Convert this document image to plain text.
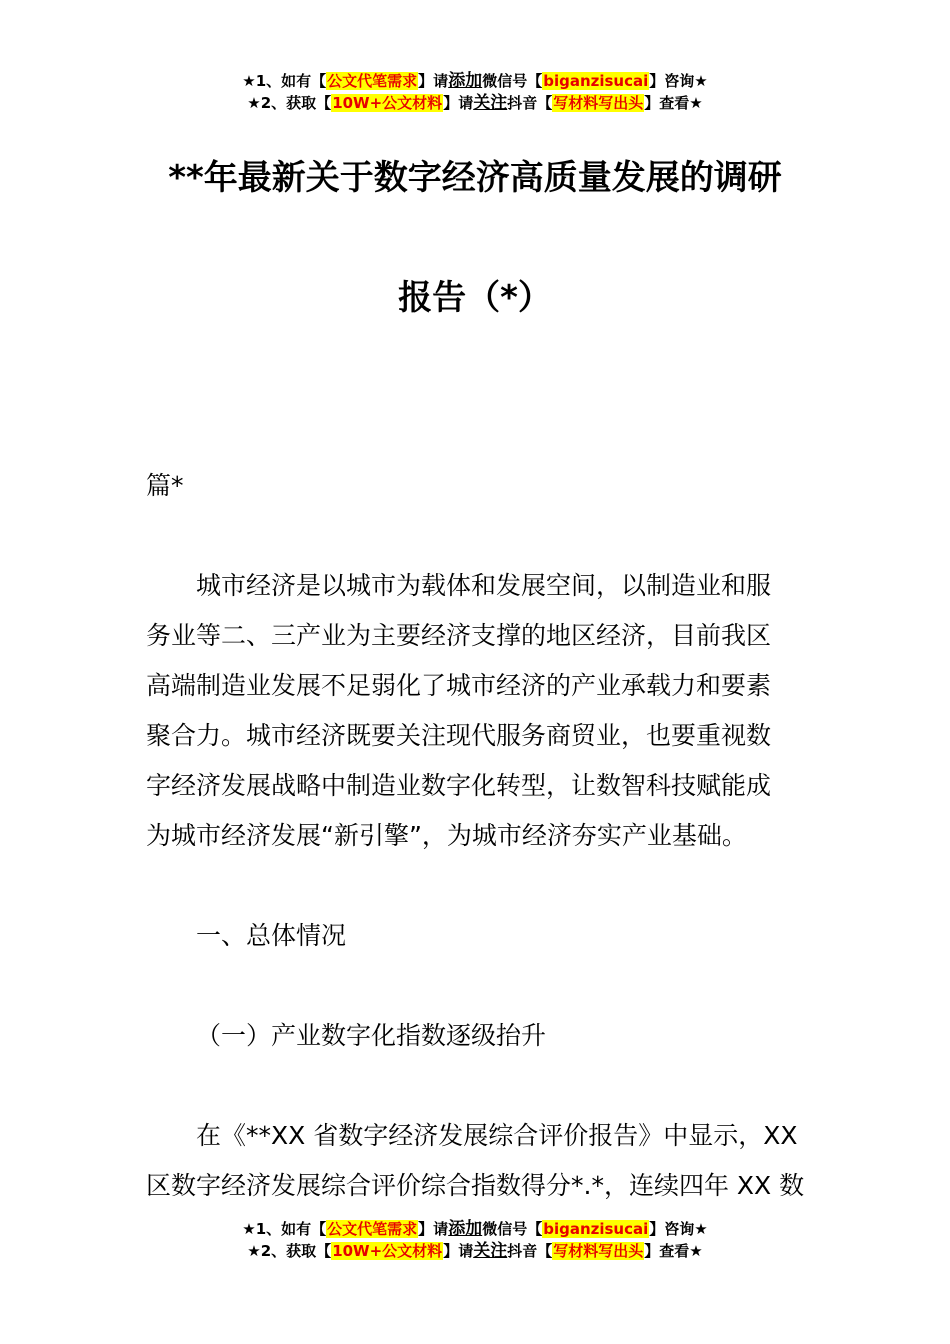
★1、如有【公文代笔需求】请添加微信号【biganzisucai】咨询★
★2、获取【10W+公文材料】请关注抖音【写材料写出头】查看★
**年最新关于数字经济高质量发展的调研
报告（*）
篇*
城市经济是以城市为载体和发展空间，以制造业和服
务业等二、三产业为主要经济支撑的地区经济，目前我区
高端制造业发展不足弱化了城市经济的产业承载力和要素
聚合力。城市经济既要关注现代服务商贸业，也要重视数
字经济发展战略中制造业数字化转型，让数智科技赋能成
为城市经济发展“新引擎”，为城市经济夯实产业基础。
一、总体情况
（一）产业数字化指数逐级抬升
在《**XX 省数字经济发展综合评价报告》中显示，XX
区数字经济发展综合评价综合指数得分*.*，连续四年 XX 数
★1、如有【公文代笔需求】请添加微信号【biganzisucai】咨询★
★2、获取【10W+公文材料】请关注抖音【写材料写出头】查看★
